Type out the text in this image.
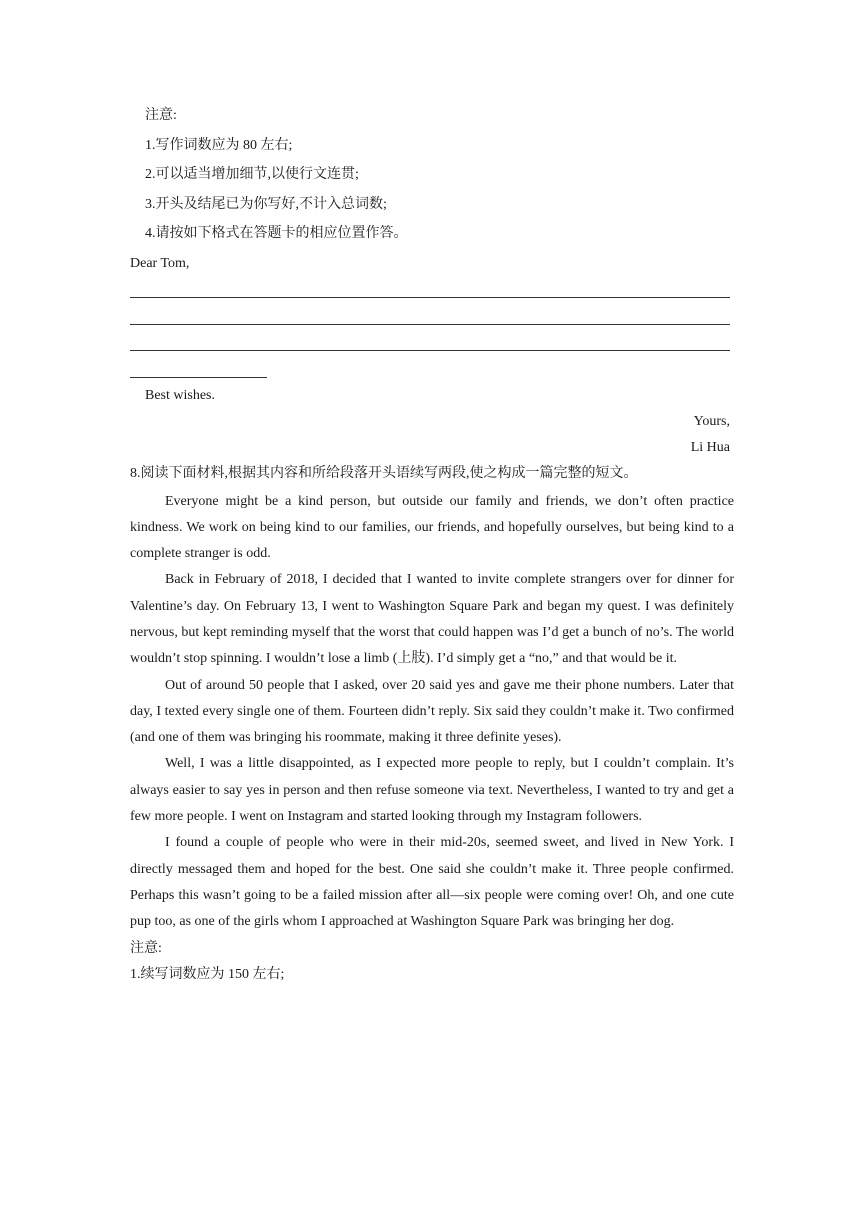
注意:

1.写作词数应为 80 左右;

2.可以适当增加细节,以使行文连贯;

3.开头及结尾已为你写好,不计入总词数;

4.请按如下格式在答题卡的相应位置作答。

Dear Tom,

Best wishes.

Yours,

Li Hua

8.阅读下面材料,根据其内容和所给段落开头语续写两段,使之构成一篇完整的短文。

Everyone might be a kind person, but outside our family and friends, we don’t often practice kindness. We work on being kind to our families, our friends, and hopefully ourselves, but being kind to a complete stranger is odd.

Back in February of 2018, I decided that I wanted to invite complete strangers over for dinner for Valentine’s day. On February 13, I went to Washington Square Park and began my quest. I was definitely nervous, but kept reminding myself that the worst that could happen was I’d get a bunch of no’s. The world wouldn’t stop spinning. I wouldn’t lose a limb (上肢). I’d simply get a “no,” and that would be it.

Out of around 50 people that I asked, over 20 said yes and gave me their phone numbers. Later that day, I texted every single one of them. Fourteen didn’t reply. Six said they couldn’t make it. Two confirmed (and one of them was bringing his roommate, making it three definite yeses).

Well, I was a little disappointed, as I expected more people to reply, but I couldn’t complain. It’s always easier to say yes in person and then refuse someone via text. Nevertheless, I wanted to try and get a few more people. I went on Instagram and started looking through my Instagram followers.

I found a couple of people who were in their mid-20s, seemed sweet, and lived in New York. I directly messaged them and hoped for the best. One said she couldn’t make it. Three people confirmed. Perhaps this wasn’t going to be a failed mission after all—six people were coming over! Oh, and one cute pup too, as one of the girls whom I approached at Washington Square Park was bringing her dog.

注意:

1.续写词数应为 150 左右;
